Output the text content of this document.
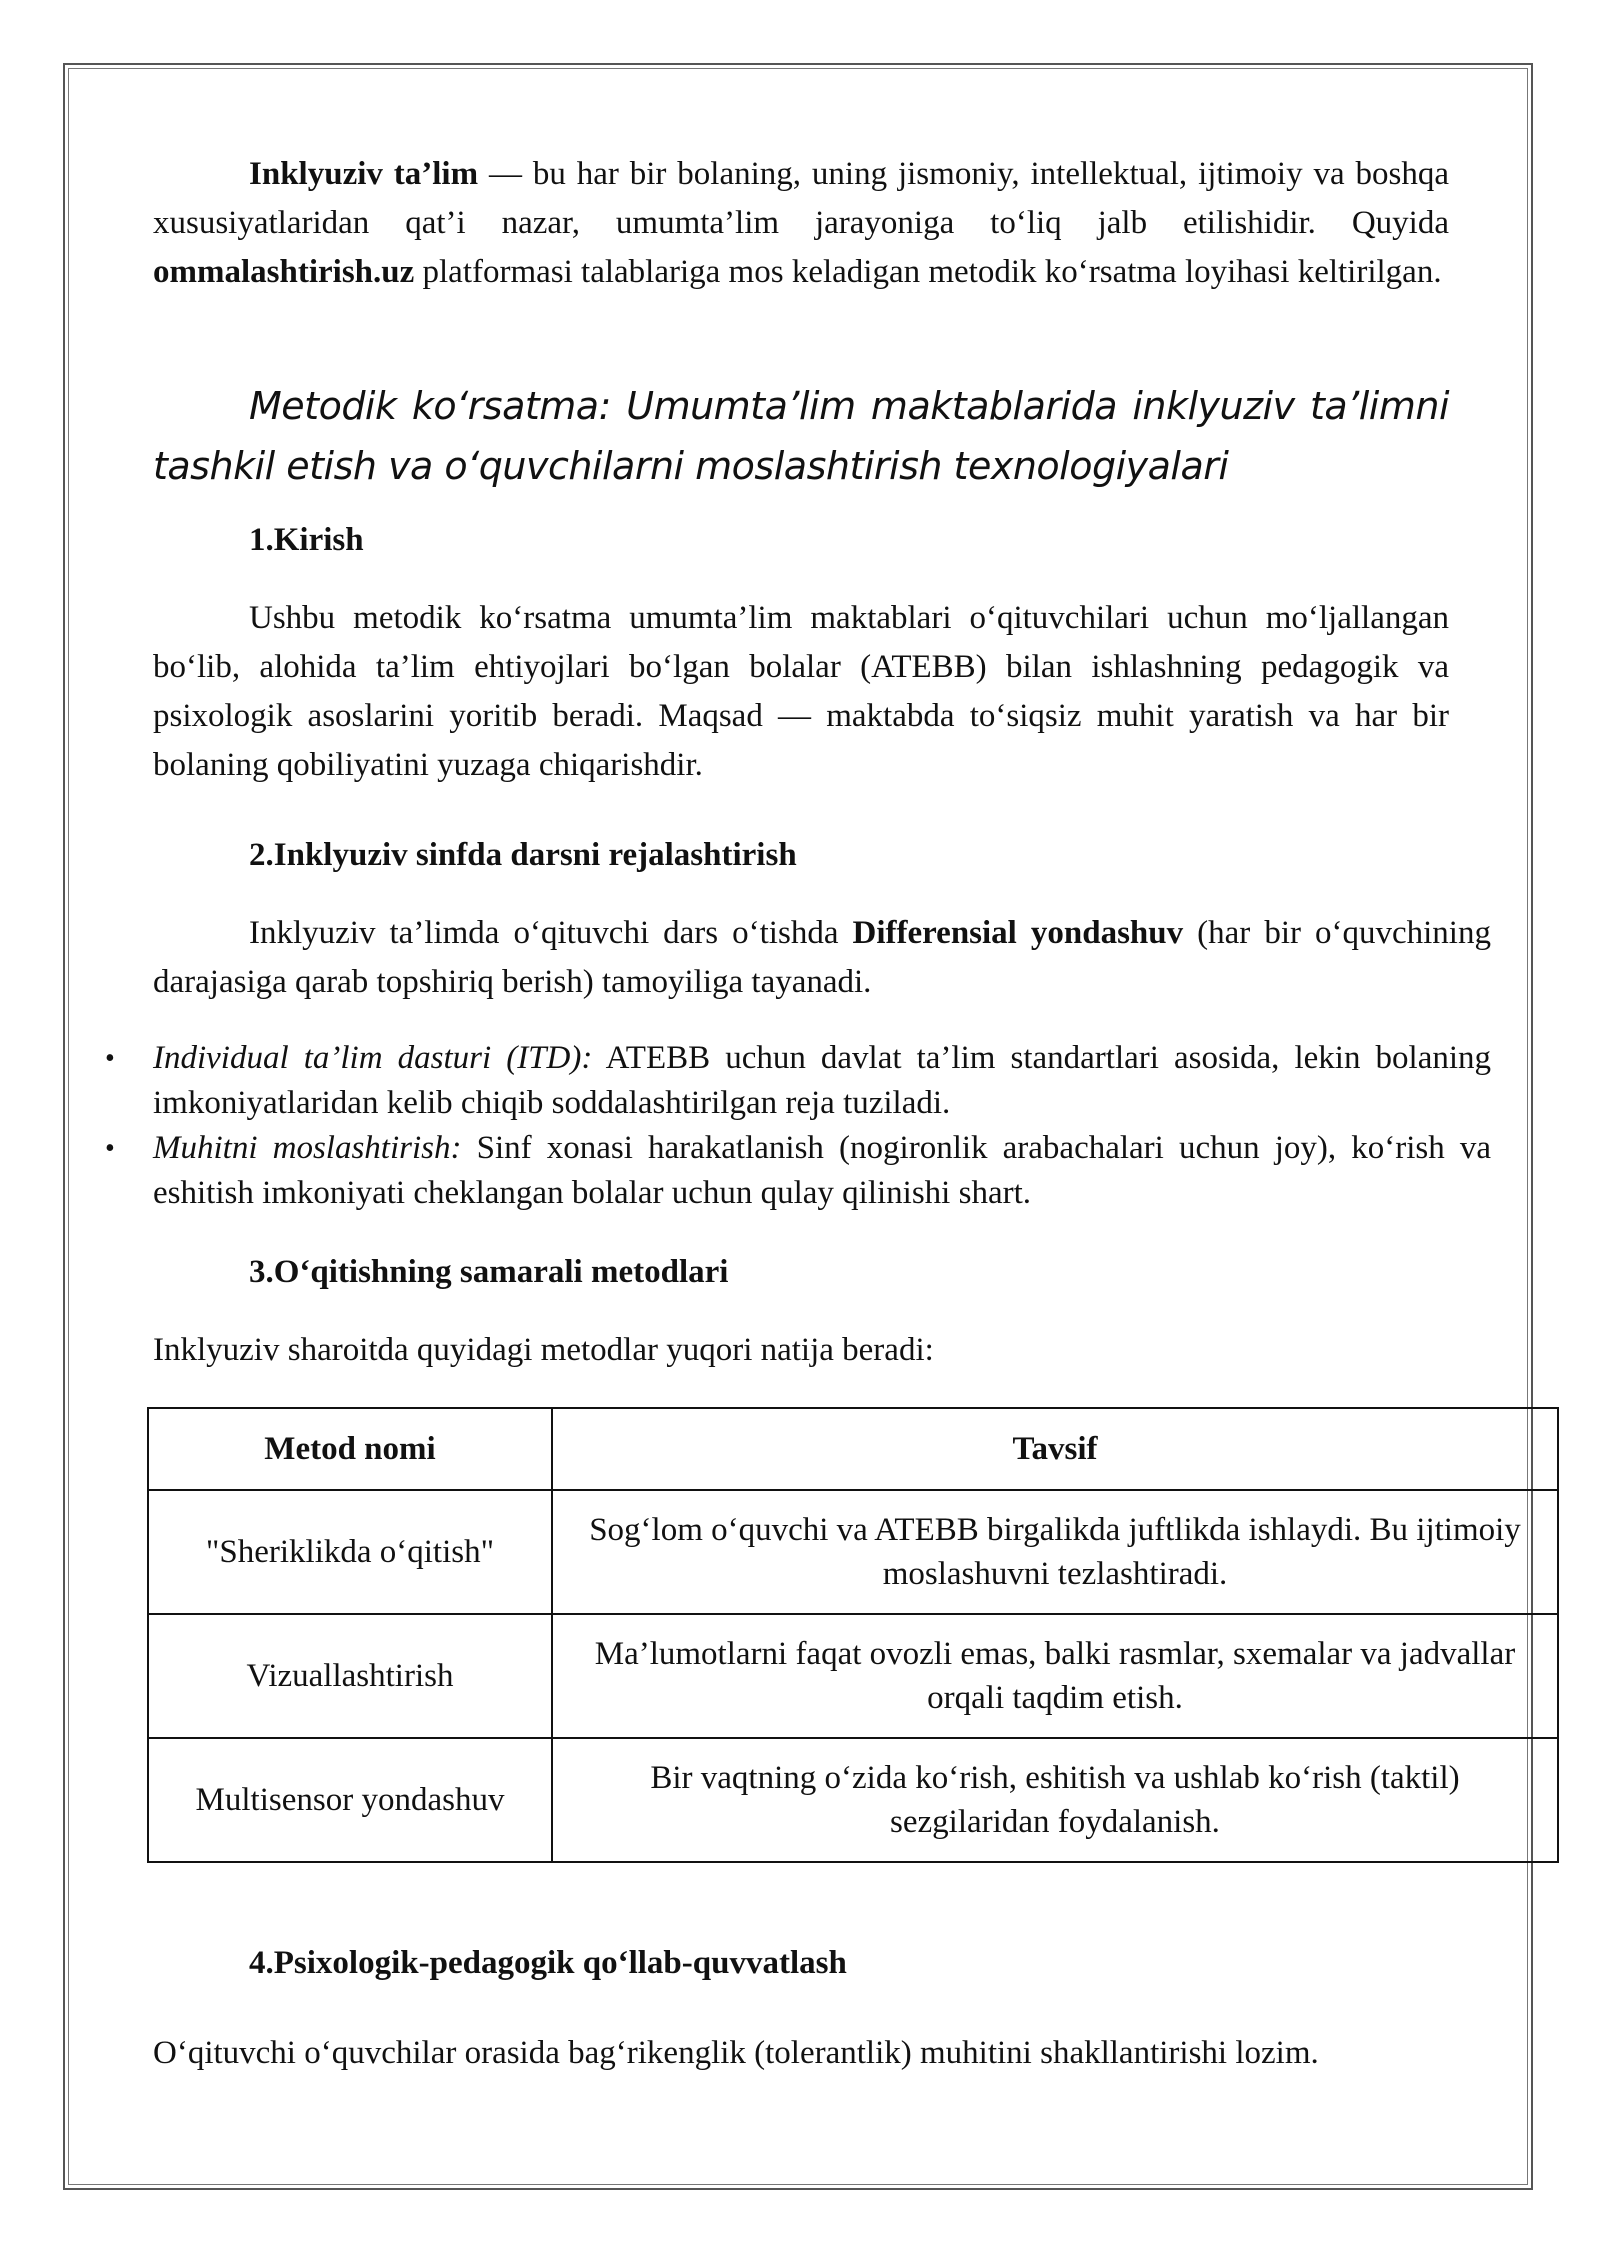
Inklyuziv ta’lim — bu har bir bolaning, uning jismoniy, intellektual, ijtimoiy va boshqa xususiyatlaridan qat’i nazar, umumta’lim jarayoniga to‘liq jalb etilishidir. Quyida ommalashtirish.uz platformasi talablariga mos keladigan metodik ko‘rsatma loyihasi keltirilgan.

Metodik ko‘rsatma: Umumta’lim maktablarida inklyuziv ta’limni tashkil etish va o‘quvchilarni moslashtirish texnologiyalari

1.Kirish

Ushbu metodik ko‘rsatma umumta’lim maktablari o‘qituvchilari uchun mo‘ljallangan bo‘lib, alohida ta’lim ehtiyojlari bo‘lgan bolalar (ATEBB) bilan ishlashning pedagogik va psixologik asoslarini yoritib beradi. Maqsad — maktabda to‘siqsiz muhit yaratish va har bir bolaning qobiliyatini yuzaga chiqarishdir.

2.Inklyuziv sinfda darsni rejalashtirish

Inklyuziv ta’limda o‘qituvchi dars o‘tishda Differensial yondashuv (har bir o‘quvchining darajasiga qarab topshiriq berish) tamoyiliga tayanadi.

• Individual ta’lim dasturi (ITD): ATEBB uchun davlat ta’lim standartlari asosida, lekin bolaning imkoniyatlaridan kelib chiqib soddalashtirilgan reja tuziladi.
• Muhitni moslashtirish: Sinf xonasi harakatlanish (nogironlik arabachalari uchun joy), ko‘rish va eshitish imkoniyati cheklangan bolalar uchun qulay qilinishi shart.

3.O‘qitishning samarali metodlari

Inklyuziv sharoitda quyidagi metodlar yuqori natija beradi:

Metod nomi	Tavsif
"Sheriklikda o‘qitish"	Sog‘lom o‘quvchi va ATEBB birgalikda juftlikda ishlaydi. Bu ijtimoiy moslashuvni tezlashtiradi.
Vizuallashtirish	Ma’lumotlarni faqat ovozli emas, balki rasmlar, sxemalar va jadvallar orqali taqdim etish.
Multisensor yondashuv	Bir vaqtning o‘zida ko‘rish, eshitish va ushlab ko‘rish (taktil) sezgilaridan foydalanish.

4.Psixologik-pedagogik qo‘llab-quvvatlash

O‘qituvchi o‘quvchilar orasida bag‘rikenglik (tolerantlik) muhitini shakllantirishi lozim.
